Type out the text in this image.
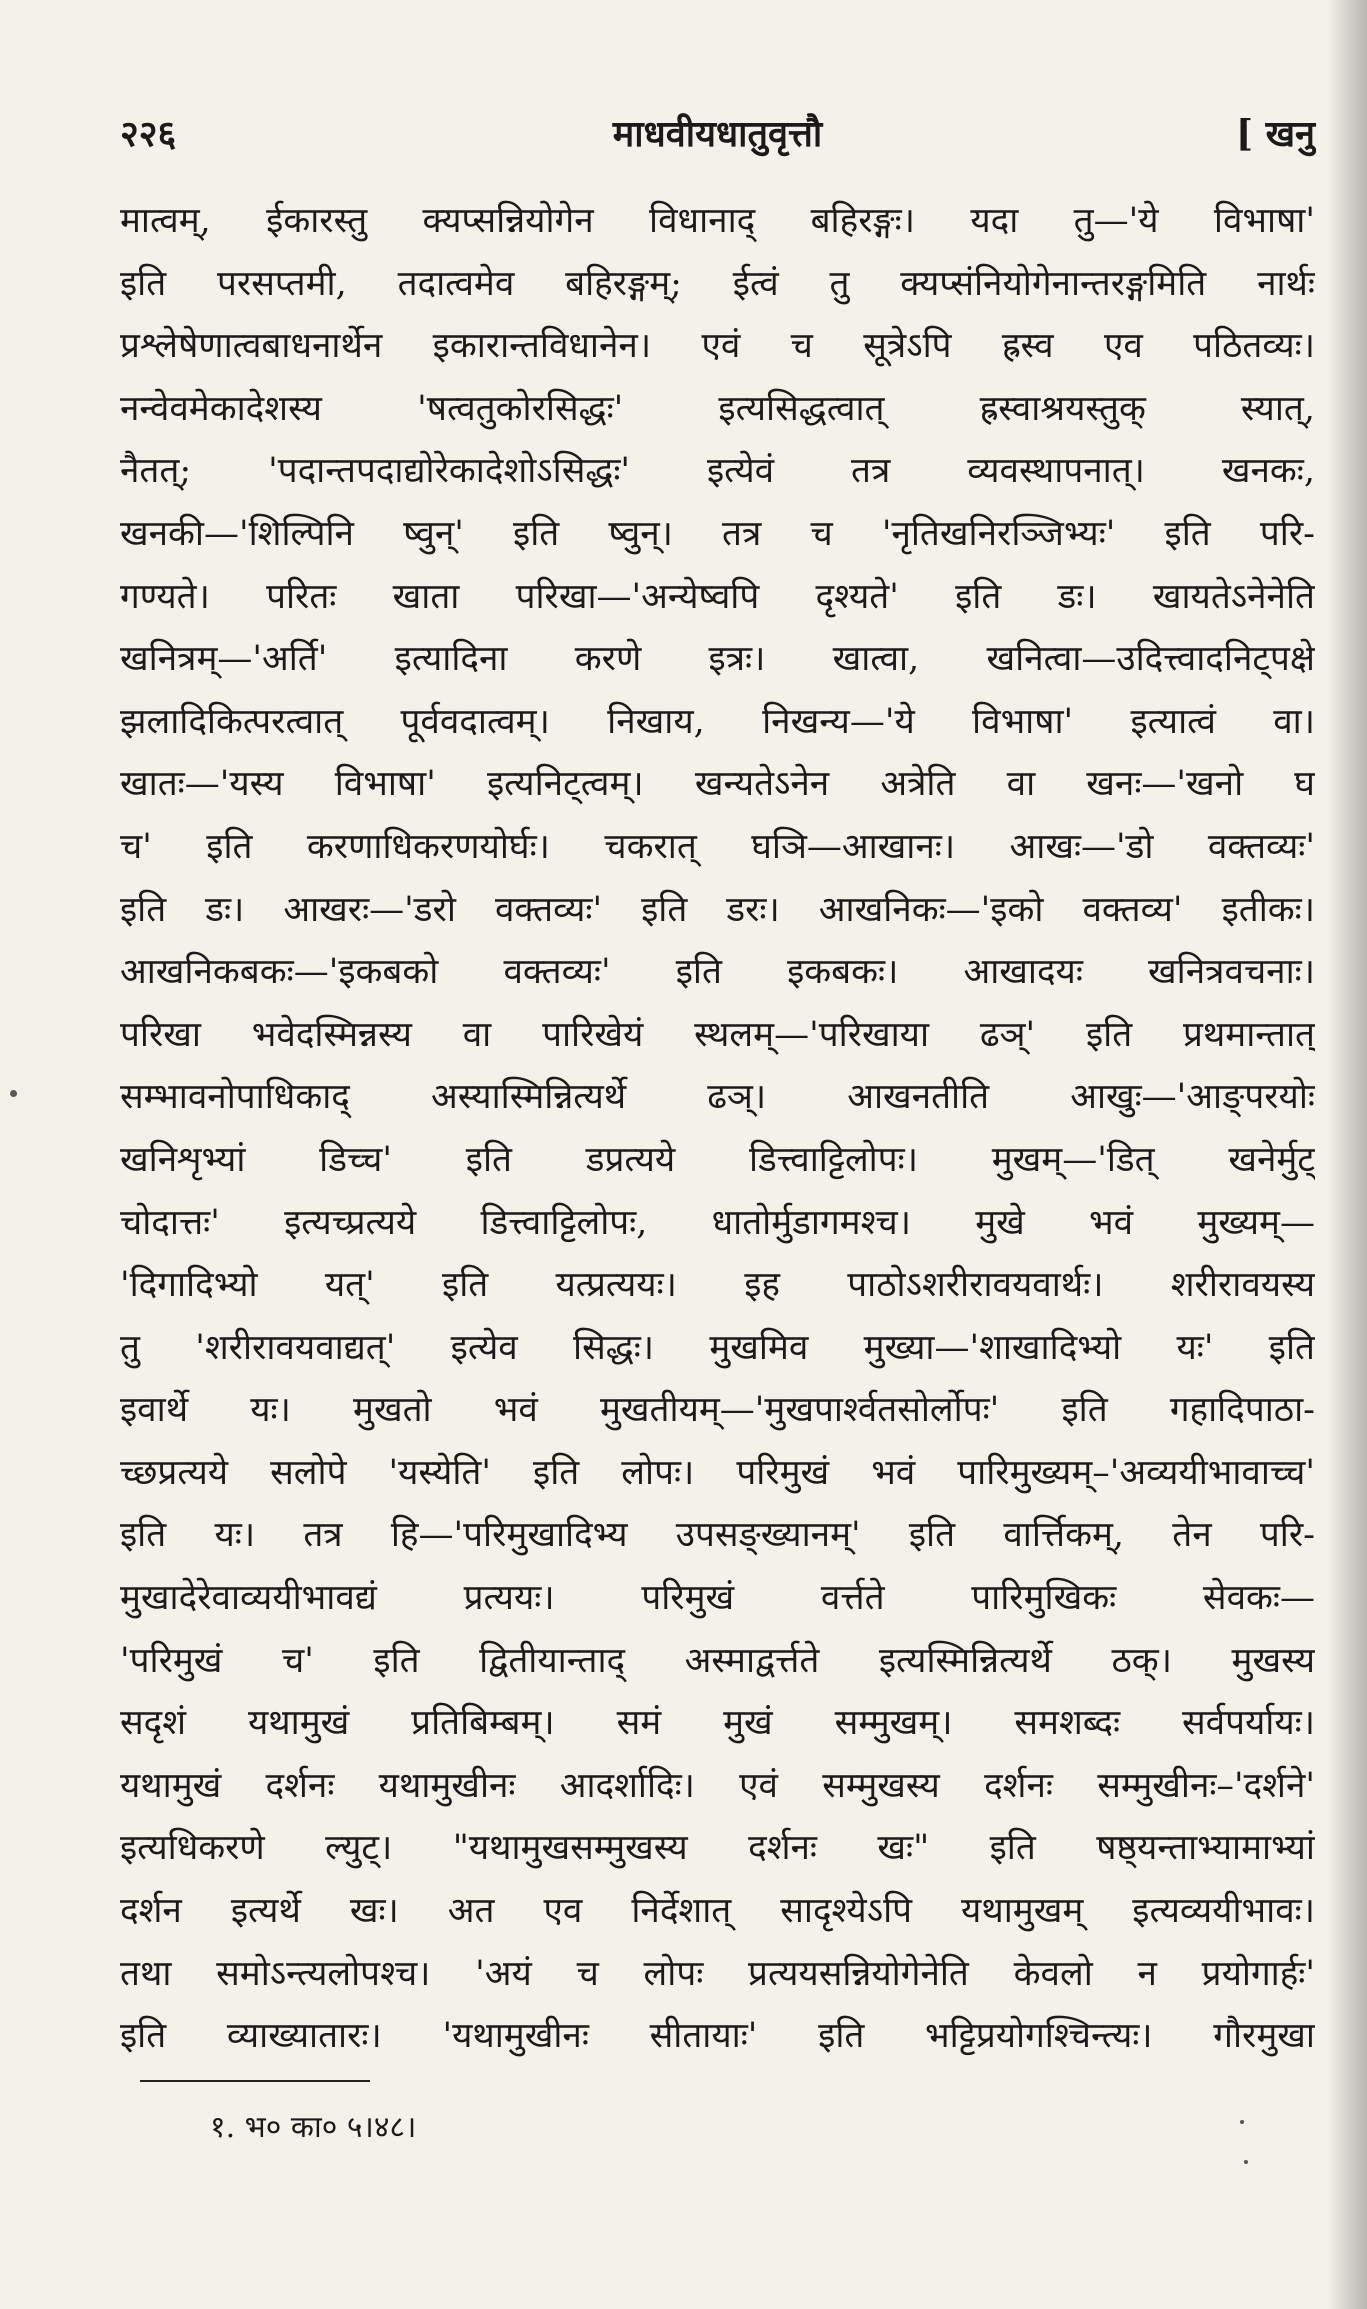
२२६	माधवीयधातुवृत्तौ	[ खनु
मात्वम्, ईकारस्तु क्यप्सन्नियोगेन विधानाद् बहिरङ्गः। यदा तु—'ये विभाषा'
इति परसप्तमी, तदात्वमेव बहिरङ्गम्; ईत्वं तु क्यप्संनियोगेनान्तरङ्गमिति नार्थः
प्रश्लेषेणात्वबाधनार्थेन इकारान्तविधानेन। एवं च सूत्रेऽपि ह्रस्व एव पठितव्यः।
नन्वेवमेकादेशस्य 'षत्वतुकोरसिद्धः' इत्यसिद्धत्वात् ह्रस्वाश्रयस्तुक् स्यात्,
नैतत्; 'पदान्तपदाद्योरेकादेशोऽसिद्धः' इत्येवं तत्र व्यवस्थापनात्। खनकः,
खनकी—'शिल्पिनि ष्वुन्' इति ष्वुन्। तत्र च 'नृतिखनिरञ्जिभ्यः' इति परि-
गण्यते। परितः खाता परिखा—'अन्येष्वपि दृश्यते' इति डः। खायतेऽनेनेति
खनित्रम्—'अर्ति' इत्यादिना करणे इत्रः। खात्वा, खनित्वा—उदित्त्वादनिट्पक्षे
झलादिकित्परत्वात् पूर्ववदात्वम्। निखाय, निखन्य—'ये विभाषा' इत्यात्वं वा।
खातः—'यस्य विभाषा' इत्यनिट्त्वम्। खन्यतेऽनेन अत्रेति वा खनः—'खनो घ
च' इति करणाधिकरणयोर्घः। चकरात् घञि—आखानः। आखः—'डो वक्तव्यः'
इति डः। आखरः—'डरो वक्तव्यः' इति डरः। आखनिकः—'इको वक्तव्य' इतीकः।
आखनिकबकः—'इकबको वक्तव्यः' इति इकबकः। आखादयः खनित्रवचनाः।
परिखा भवेदस्मिन्नस्य वा पारिखेयं स्थलम्—'परिखाया ढञ्' इति प्रथमान्तात्
सम्भावनोपाधिकाद् अस्यास्मिन्नित्यर्थे ढञ्। आखनतीति आखुः—'आङ्परयोः
खनिशृभ्यां डिच्च' इति डप्रत्यये डित्त्वाट्टिलोपः। मुखम्—'डित् खनेर्मुट्
चोदात्तः' इत्यच्प्रत्यये डित्त्वाट्टिलोपः, धातोर्मुडागमश्च। मुखे भवं मुख्यम्—
'दिगादिभ्यो यत्' इति यत्प्रत्ययः। इह पाठोऽशरीरावयवार्थः। शरीरावयस्य
तु 'शरीरावयवाद्यत्' इत्येव सिद्धः। मुखमिव मुख्या—'शाखादिभ्यो यः' इति
इवार्थे यः। मुखतो भवं मुखतीयम्—'मुखपार्श्वतसोर्लोपः' इति गहादिपाठा-
च्छप्रत्यये सलोपे 'यस्येति' इति लोपः। परिमुखं भवं पारिमुख्यम्–'अव्ययीभावाच्च'
इति यः। तत्र हि—'परिमुखादिभ्य उपसङ्ख्यानम्' इति वार्त्तिकम्, तेन परि-
मुखादेरेवाव्ययीभावद्यं प्रत्ययः। परिमुखं वर्त्तते पारिमुखिकः सेवकः—
'परिमुखं च' इति द्वितीयान्ताद् अस्माद्वर्त्तते इत्यस्मिन्नित्यर्थे ठक्। मुखस्य
सदृशं यथामुखं प्रतिबिम्बम्। समं मुखं सम्मुखम्। समशब्दः सर्वपर्यायः।
यथामुखं दर्शनः यथामुखीनः आदर्शादिः। एवं सम्मुखस्य दर्शनः सम्मुखीनः–'दर्शने'
इत्यधिकरणे ल्युट्। "यथामुखसम्मुखस्य दर्शनः खः" इति षष्ठ्यन्ताभ्यामाभ्यां
दर्शन इत्यर्थे खः। अत एव निर्देशात् सादृश्येऽपि यथामुखम् इत्यव्ययीभावः।
तथा समोऽन्त्यलोपश्च। 'अयं च लोपः प्रत्ययसन्नियोगेनेति केवलो न प्रयोगार्हः'
इति व्याख्यातारः। 'यथामुखीनः सीतायाः' इति भट्टिप्रयोगश्चिन्त्यः। गौरमुखा
१. भ० का० ५।४८।
